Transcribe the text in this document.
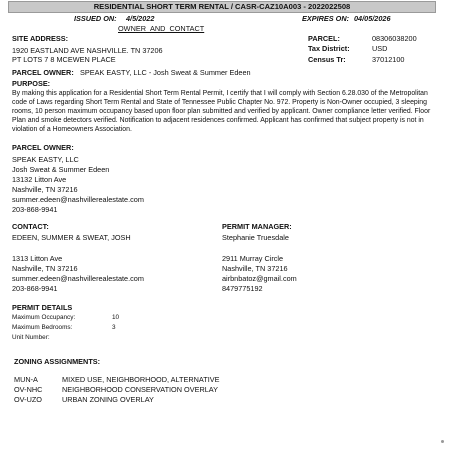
RESIDENTIAL SHORT TERM RENTAL / CASR-CAZ10A003 - 2022022508
ISSUED ON: 4/5/2022	EXPIRES ON: 04/05/2026
OWNER_AND_CONTACT
SITE ADDRESS:
1920 EASTLAND AVE NASHVILLE. TN 37206
PT LOTS 7 8 MCEWEN PLACE
PARCEL:	08306038200
Tax District:	USD
Census Tr:	37012100
PARCEL OWNER: SPEAK EASTY, LLC - Josh Sweat & Summer Edeen
PURPOSE:
By making this application for a Residential Short Term Rental Permit, I certify that I will comply with Section 6.28.030 of the Metropolitan code of Laws regarding Short Term Rental and State of Tennessee Public Chapter No. 972. Property is Non-Owner occupied, 3 sleeping rooms, 10 person maximum occupancy based upon floor plan submitted and verified by applicant. Owner compliance letter verified. Floor Plan and smoke detectors verified. Notification to adjacent residences confirmed. Applicant has confirmed that subject property is not in violation of a Homeowners Association.
PARCEL OWNER:
SPEAK EASTY, LLC
Josh Sweat & Summer Edeen
13132 Litton Ave
Nashville, TN 37216
summer.edeen@nashvillerealestate.com
203-868-9941
CONTACT:
EDEEN, SUMMER & SWEAT, JOSH
1313 Litton Ave
Nashville, TN 37216
summer.edeen@nashvillerealestate.com
203-868-9941
PERMIT MANAGER:
Stephanie Truesdale
2911 Murray Circle
Nashville, TN 37216
airbnbatoz@gmail.com
8479775192
PERMIT DETAILS
Maximum Occupancy:	10
Maximum Bedrooms:	3
Unit Number:
ZONING ASSIGNMENTS:
MUN-A	MIXED USE, NEIGHBORHOOD, ALTERNATIVE
OV-NHC	NEIGHBORHOOD CONSERVATION OVERLAY
OV-UZO	URBAN ZONING OVERLAY
